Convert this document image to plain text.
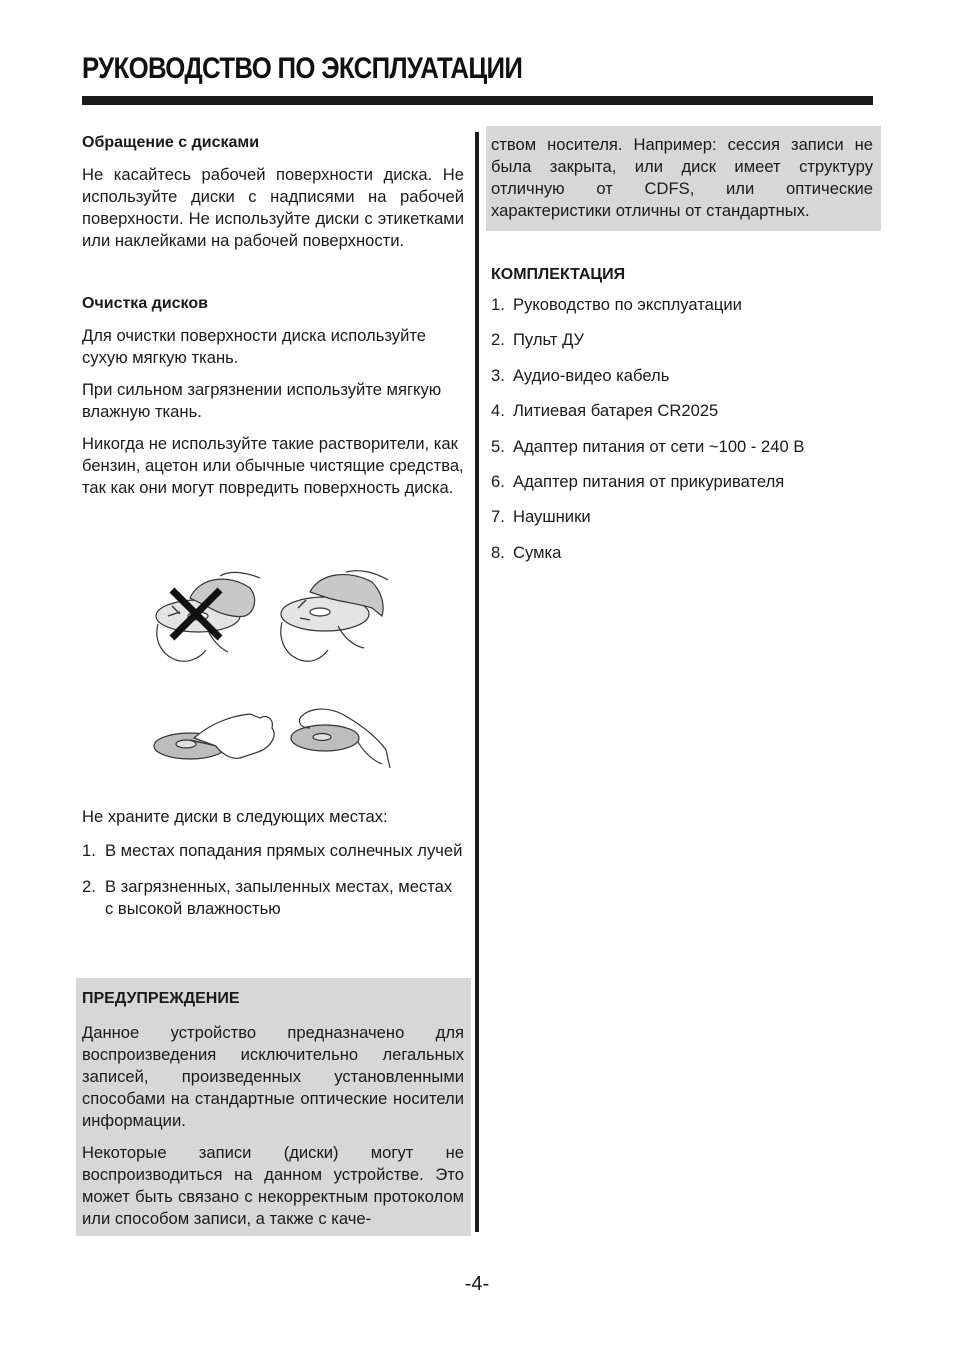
РУКОВОДСТВО ПО ЭКСПЛУАТАЦИИ
Обращение с дисками

Не касайтесь рабочей поверхности диска. Не используйте диски с надписями на рабочей поверхности. Не используйте диски с этикетками или наклейками на рабочей поверхности.

Очистка дисков

Для очистки поверхности диска используйте сухую мягкую ткань.

При сильном загрязнении используйте мягкую влажную ткань.

Никогда не используйте такие растворители, как бензин, ацетон или обычные чистящие средства, так как они могут повредить поверхность диска.

Не храните диски в следующих местах:

1. В местах попадания прямых солнечных лучей
2. В загрязненных, запыленных местах, местах с высокой влажностью
ПРЕДУПРЕЖДЕНИЕ

Данное устройство предназначено для воспроизведения исключительно легальных записей, произведенных установленными способами на стандартные оптические носители информации.

Некоторые записи (диски) могут не воспроизводиться на данном устройстве. Это может быть связано с некорректным протоколом или способом записи, а также с каче-

ством носителя. Например: сессия записи не была закрыта, или диск имеет структуру отличную от CDFS, или оптические характеристики отличны от стандартных.

КОМПЛЕКТАЦИЯ
1. Руководство по эксплуатации
2. Пульт ДУ
3. Аудио-видео кабель
4. Литиевая батарея CR2025
5. Адаптер питания от сети ~100 - 240 В
6. Адаптер питания от прикуривателя
7. Наушники
8. Сумка
-4-
